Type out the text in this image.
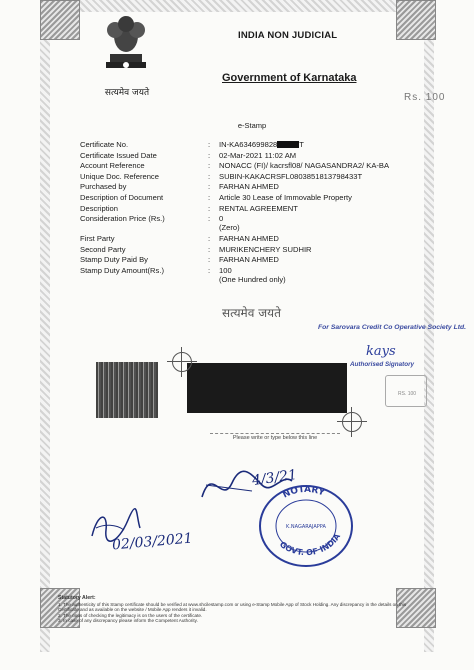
सत्यमेव जयते
INDIA NON JUDICIAL
Government of Karnataka
Rs. 100
e-Stamp
Certificate No.	: IN-KA634699828	T
Certificate Issued Date	: 02-Mar-2021 11:02 AM
Account Reference	: NONACC (FI)/ kacrsfl08/ NAGASANDRA2/ KA-BA
Unique Doc. Reference	: SUBIN-KAKACRSFL0803851813798433T
Purchased by	: FARHAN AHMED
Description of Document	: Article 30 Lease of Immovable Property
Description	: RENTAL AGREEMENT
Consideration Price (Rs.)	: 0
(Zero)
First Party	: FARHAN AHMED
Second Party	: MURIKENCHERY SUDHIR
Stamp Duty Paid By	: FARHAN AHMED
Stamp Duty Amount(Rs.)	: 100
(One Hundred only)
सत्यमेव जयते
For Sarovara Credit Co Operative Society Ltd.
kays
Authorised Signatory
RS. 100
Please write or type below this line
4/3/21
NOTARY
GOVT. OF INDIA
K.NAGARAJAPPA
02/03/2021
Statutory Alert:
1. The authenticity of this Stamp certificate should be verified at www.shcilestamp.com or using e-Stamp Mobile App of Stock Holding. Any discrepancy in the details on this Certificate and as available on the website / Mobile App renders it invalid.
2. The onus of checking the legitimacy is on the users of the certificate.
3. In case of any discrepancy please inform the Competent Authority.
